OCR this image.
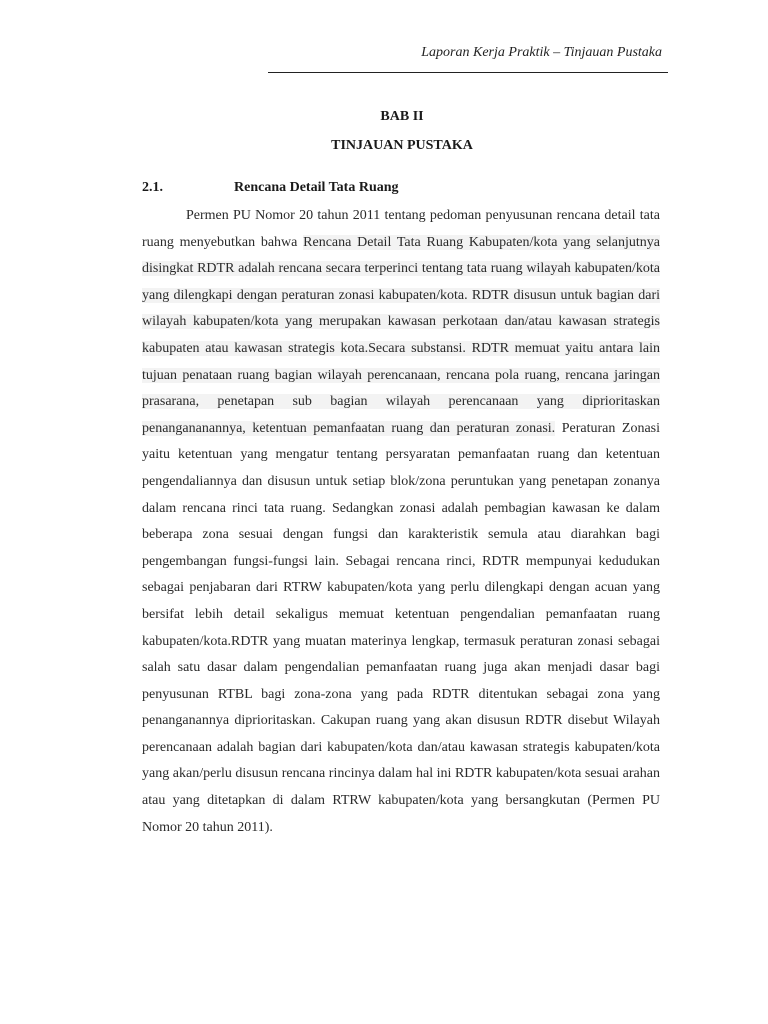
Laporan Kerja Praktik – Tinjauan Pustaka
BAB II
TINJAUAN PUSTAKA
2.1.	Rencana Detail Tata Ruang

Permen PU Nomor 20 tahun 2011 tentang pedoman penyusunan rencana detail tata ruang menyebutkan bahwa Rencana Detail Tata Ruang Kabupaten/kota yang selanjutnya disingkat RDTR adalah rencana secara terperinci tentang tata ruang wilayah kabupaten/kota yang dilengkapi dengan peraturan zonasi kabupaten/kota. RDTR disusun untuk bagian dari wilayah kabupaten/kota yang merupakan kawasan perkotaan dan/atau kawasan strategis kabupaten atau kawasan strategis kota.Secara substansi. RDTR memuat yaitu antara lain tujuan penataan ruang bagian wilayah perencanaan, rencana pola ruang, rencana jaringan prasarana, penetapan sub bagian wilayah perencanaan yang diprioritaskan penangananannya, ketentuan pemanfaatan ruang dan peraturan zonasi. Peraturan Zonasi yaitu ketentuan yang mengatur tentang persyaratan pemanfaatan ruang dan ketentuan pengendaliannya dan disusun untuk setiap blok/zona peruntukan yang penetapan zonanya dalam rencana rinci tata ruang. Sedangkan zonasi adalah pembagian kawasan ke dalam beberapa zona sesuai dengan fungsi dan karakteristik semula atau diarahkan bagi pengembangan fungsi-fungsi lain. Sebagai rencana rinci, RDTR mempunyai kedudukan sebagai penjabaran dari RTRW kabupaten/kota yang perlu dilengkapi dengan acuan yang bersifat lebih detail sekaligus memuat ketentuan pengendalian pemanfaatan ruang kabupaten/kota.RDTR yang muatan materinya lengkap, termasuk peraturan zonasi sebagai salah satu dasar dalam pengendalian pemanfaatan ruang juga akan menjadi dasar bagi penyusunan RTBL bagi zona-zona yang pada RDTR ditentukan sebagai zona yang penanganannya diprioritaskan. Cakupan ruang yang akan disusun RDTR disebut Wilayah perencanaan adalah bagian dari kabupaten/kota dan/atau kawasan strategis kabupaten/kota yang akan/perlu disusun rencana rincinya dalam hal ini RDTR kabupaten/kota sesuai arahan atau yang ditetapkan di dalam RTRW kabupaten/kota yang bersangkutan (Permen PU Nomor 20 tahun 2011).
